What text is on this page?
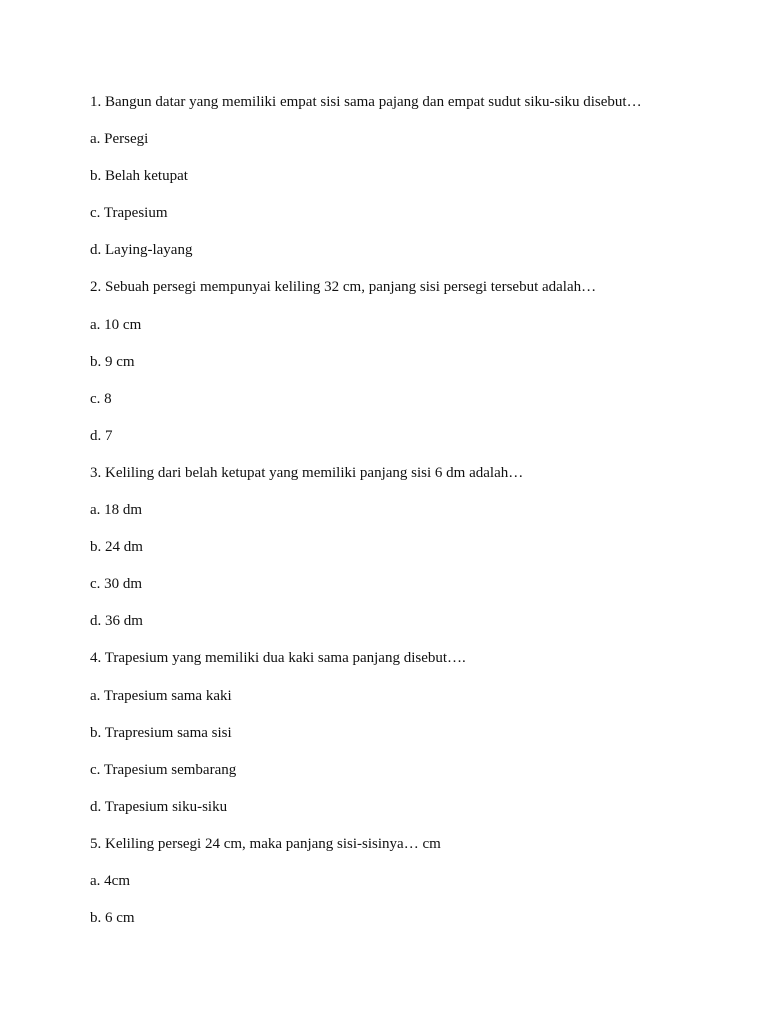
1. Bangun datar yang memiliki empat sisi sama pajang dan empat sudut siku-siku disebut…
a. Persegi
b. Belah ketupat
c. Trapesium
d. Laying-layang
2. Sebuah persegi mempunyai keliling 32 cm, panjang sisi persegi tersebut adalah…
a. 10 cm
b. 9 cm
c. 8
d. 7
3. Keliling dari belah ketupat yang memiliki panjang sisi 6 dm adalah…
a. 18 dm
b. 24 dm
c. 30 dm
d. 36 dm
4. Trapesium yang memiliki dua kaki sama panjang disebut….
a. Trapesium sama kaki
b. Trapresium sama sisi
c. Trapesium sembarang
d. Trapesium siku-siku
5. Keliling persegi 24 cm, maka panjang sisi-sisinya… cm
a. 4cm
b. 6 cm
